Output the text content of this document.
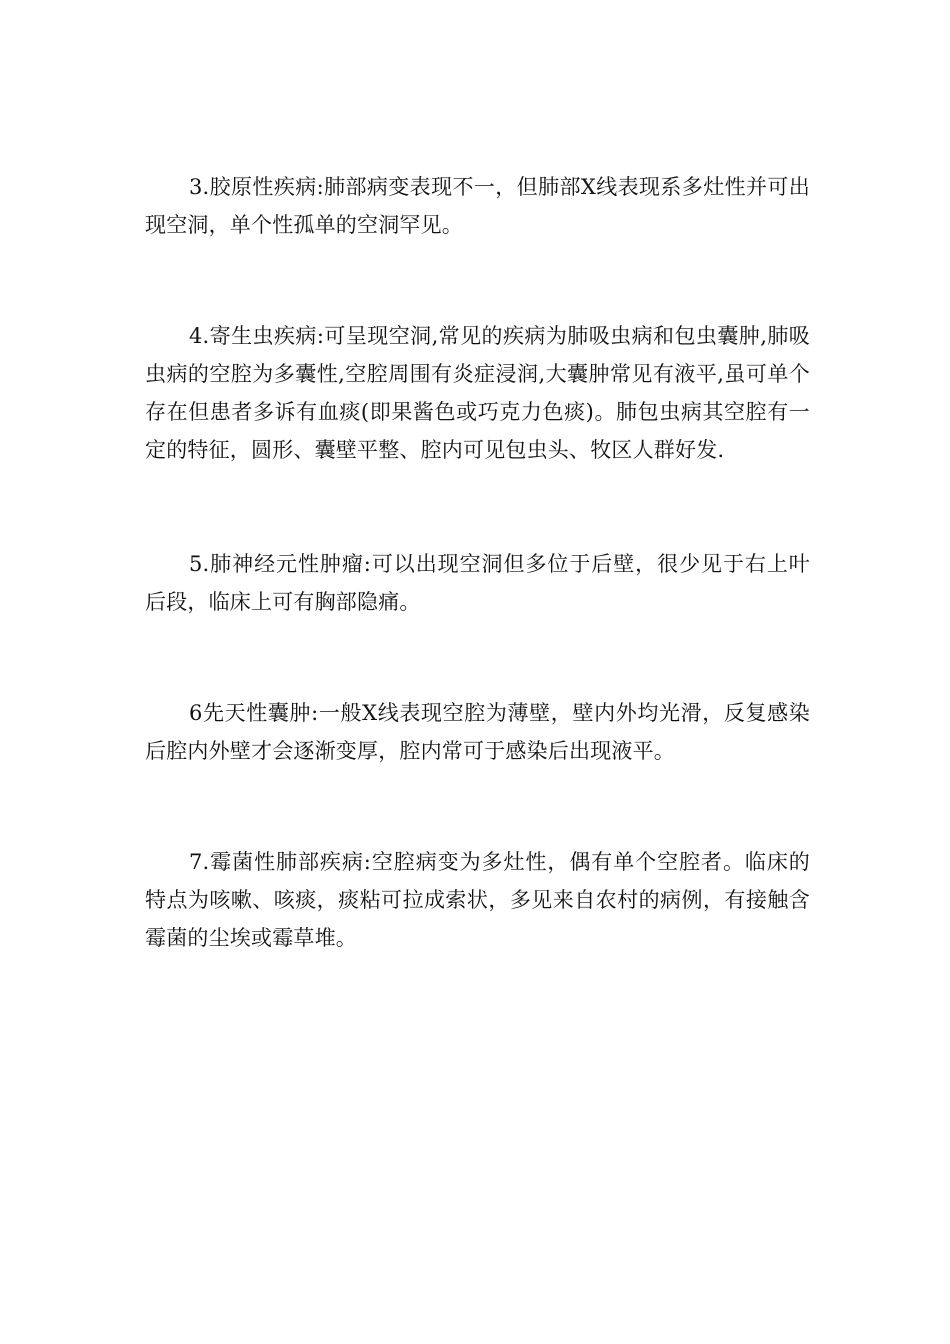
3.胶原性疾病:肺部病变表现不一，但肺部X线表现系多灶性并可出现空洞，单个性孤单的空洞罕见。

4.寄生虫疾病:可呈现空洞,常见的疾病为肺吸虫病和包虫囊肿,肺吸虫病的空腔为多囊性,空腔周围有炎症浸润,大囊肿常见有液平,虽可单个存在但患者多诉有血痰(即果酱色或巧克力色痰)。肺包虫病其空腔有一定的特征，圆形、囊壁平整、腔内可见包虫头、牧区人群好发.

5.肺神经元性肿瘤:可以出现空洞但多位于后壁，很少见于右上叶后段，临床上可有胸部隐痛。

6先天性囊肿:一般X线表现空腔为薄壁，壁内外均光滑，反复感染后腔内外壁才会逐渐变厚，腔内常可于感染后出现液平。

7.霉菌性肺部疾病:空腔病变为多灶性，偶有单个空腔者。临床的特点为咳嗽、咳痰，痰粘可拉成索状，多见来自农村的病例，有接触含霉菌的尘埃或霉草堆。
